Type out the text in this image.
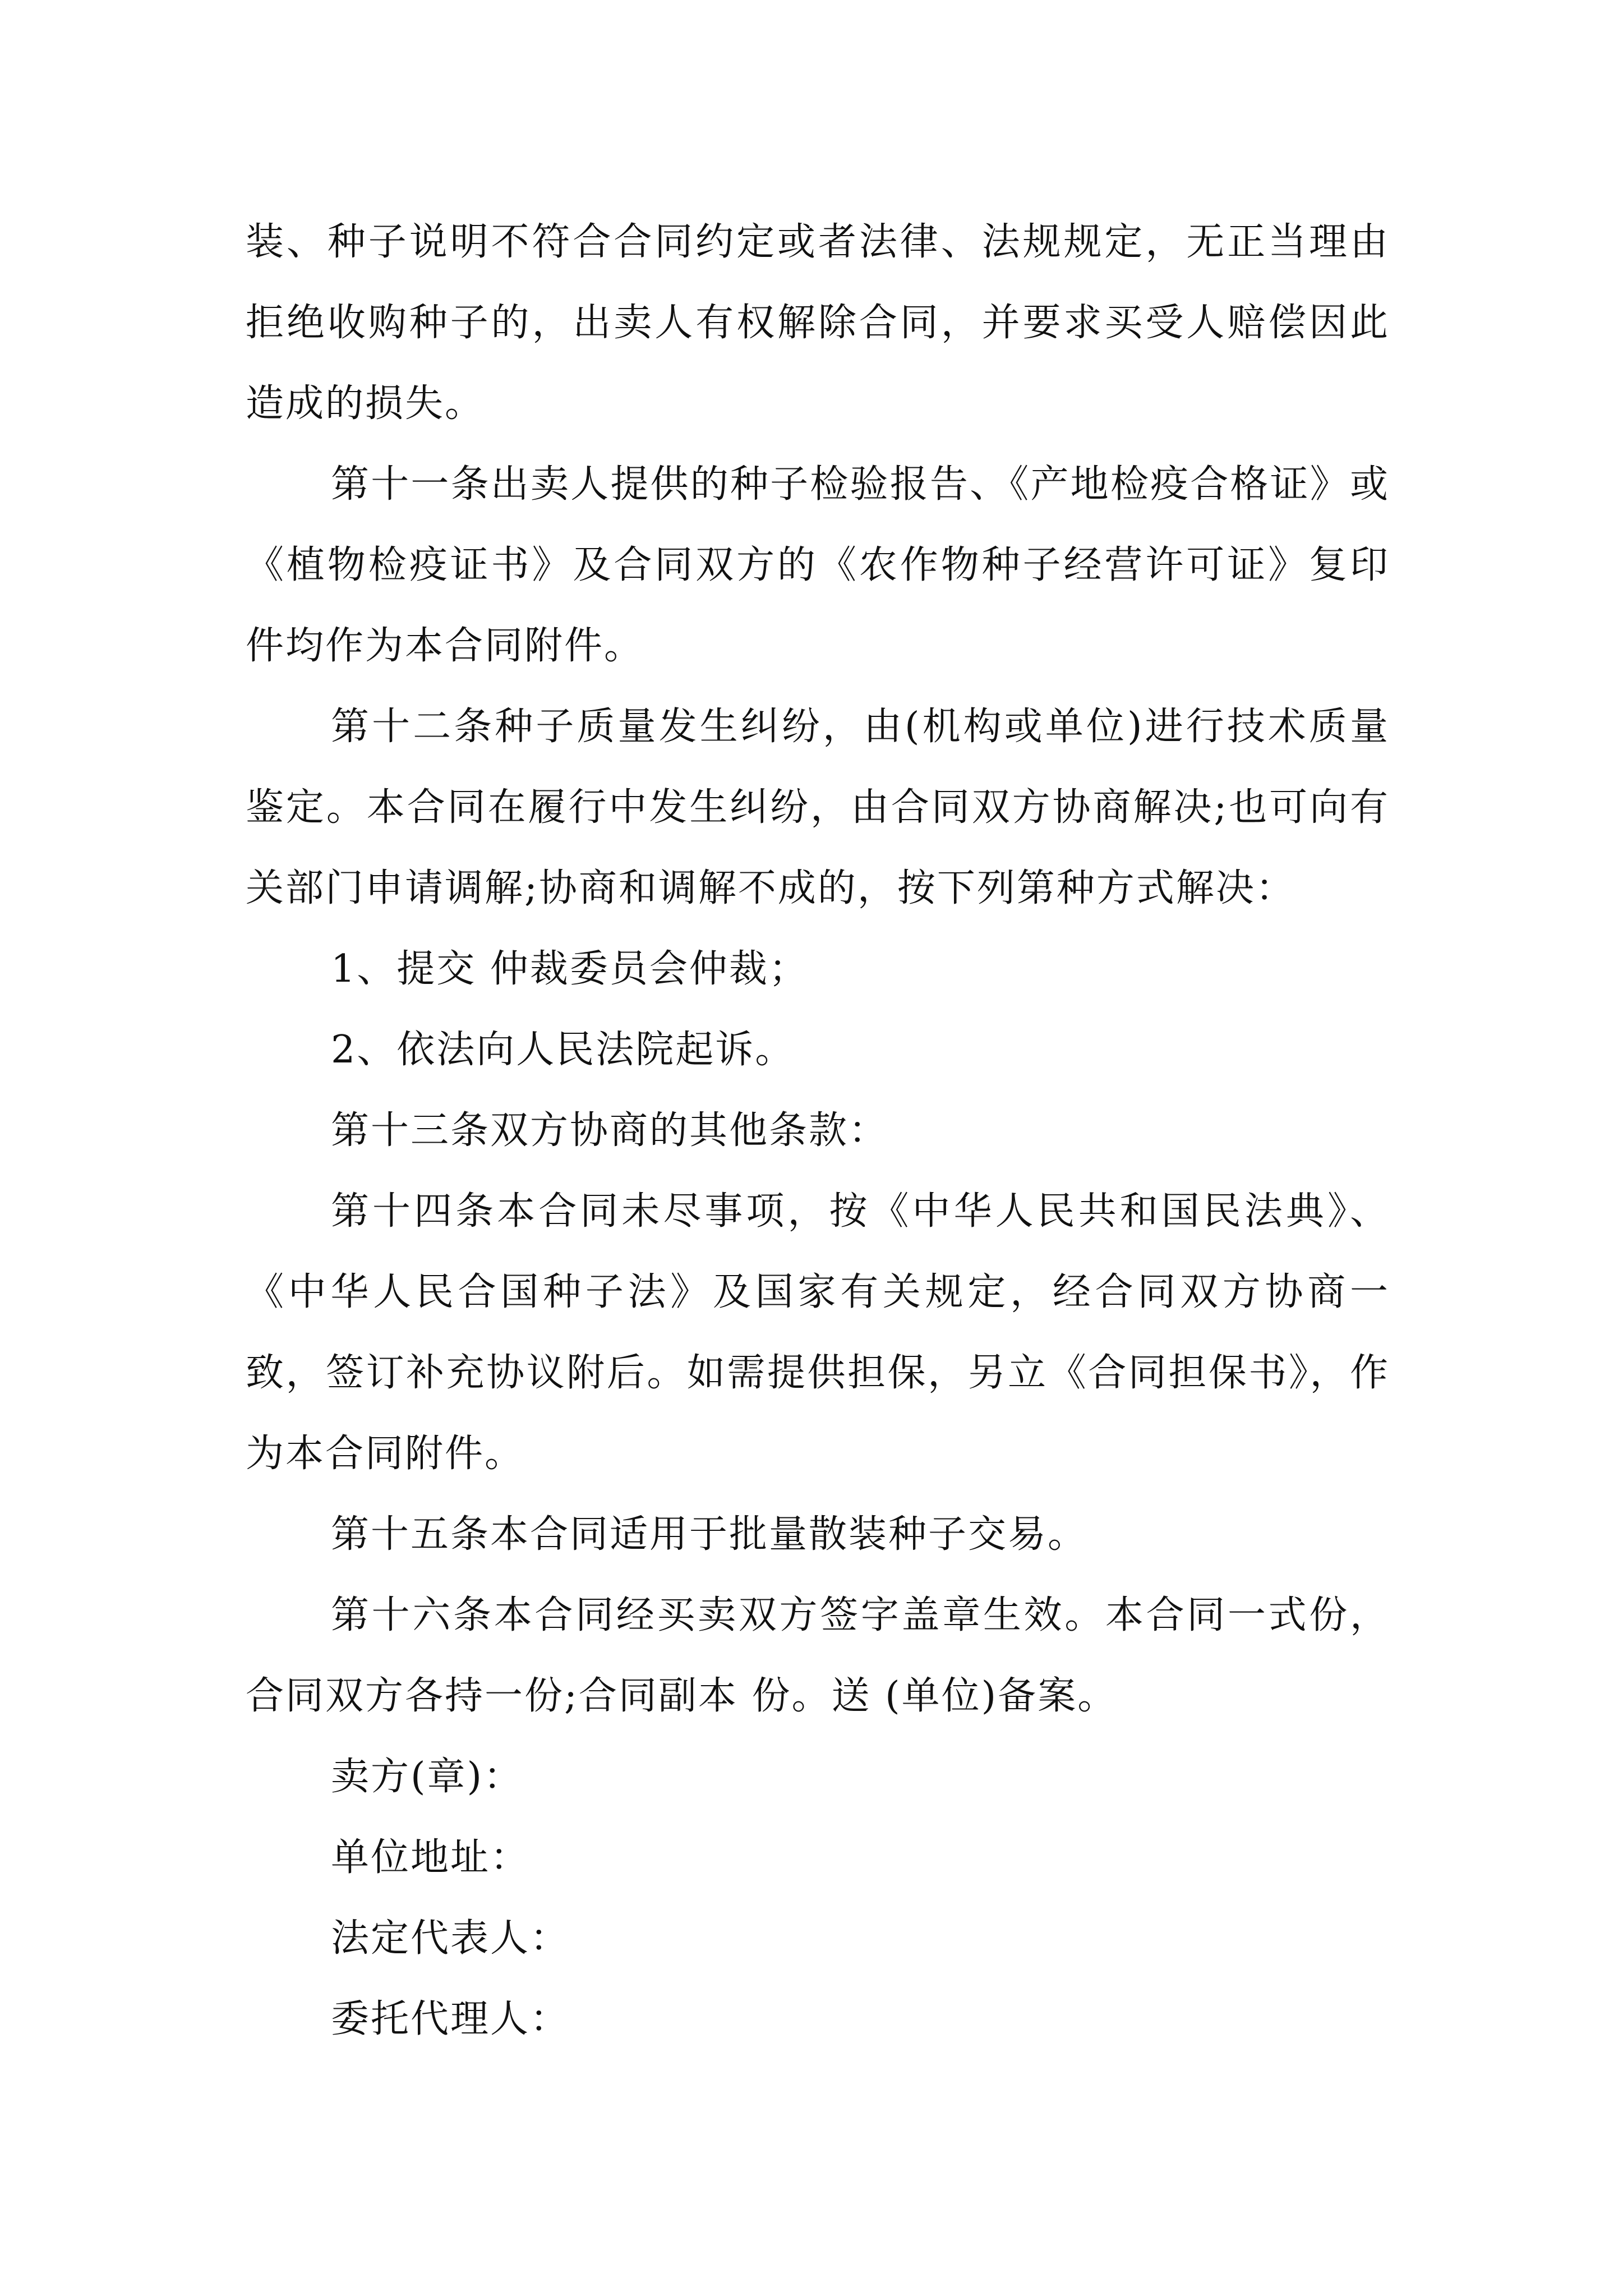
装、种子说明不符合合同约定或者法律、法规规定，无正当理由拒绝收购种子的，出卖人有权解除合同，并要求买受人赔偿因此造成的损失。

第十一条出卖人提供的种子检验报告、《产地检疫合格证》或《植物检疫证书》及合同双方的《农作物种子经营许可证》复印件均作为本合同附件。

第十二条种子质量发生纠纷，由(机构或单位)进行技术质量鉴定。本合同在履行中发生纠纷，由合同双方协商解决;也可向有关部门申请调解;协商和调解不成的，按下列第种方式解决：

1、提交 仲裁委员会仲裁；

2、依法向人民法院起诉。

第十三条双方协商的其他条款：

第十四条本合同未尽事项，按《中华人民共和国民法典》、《中华人民合国种子法》及国家有关规定，经合同双方协商一致，签订补充协议附后。如需提供担保，另立《合同担保书》，作为本合同附件。

第十五条本合同适用于批量散装种子交易。

第十六条本合同经买卖双方签字盖章生效。本合同一式份，合同双方各持一份;合同副本 份。送 (单位)备案。

卖方(章)：

单位地址：

法定代表人：

委托代理人：
